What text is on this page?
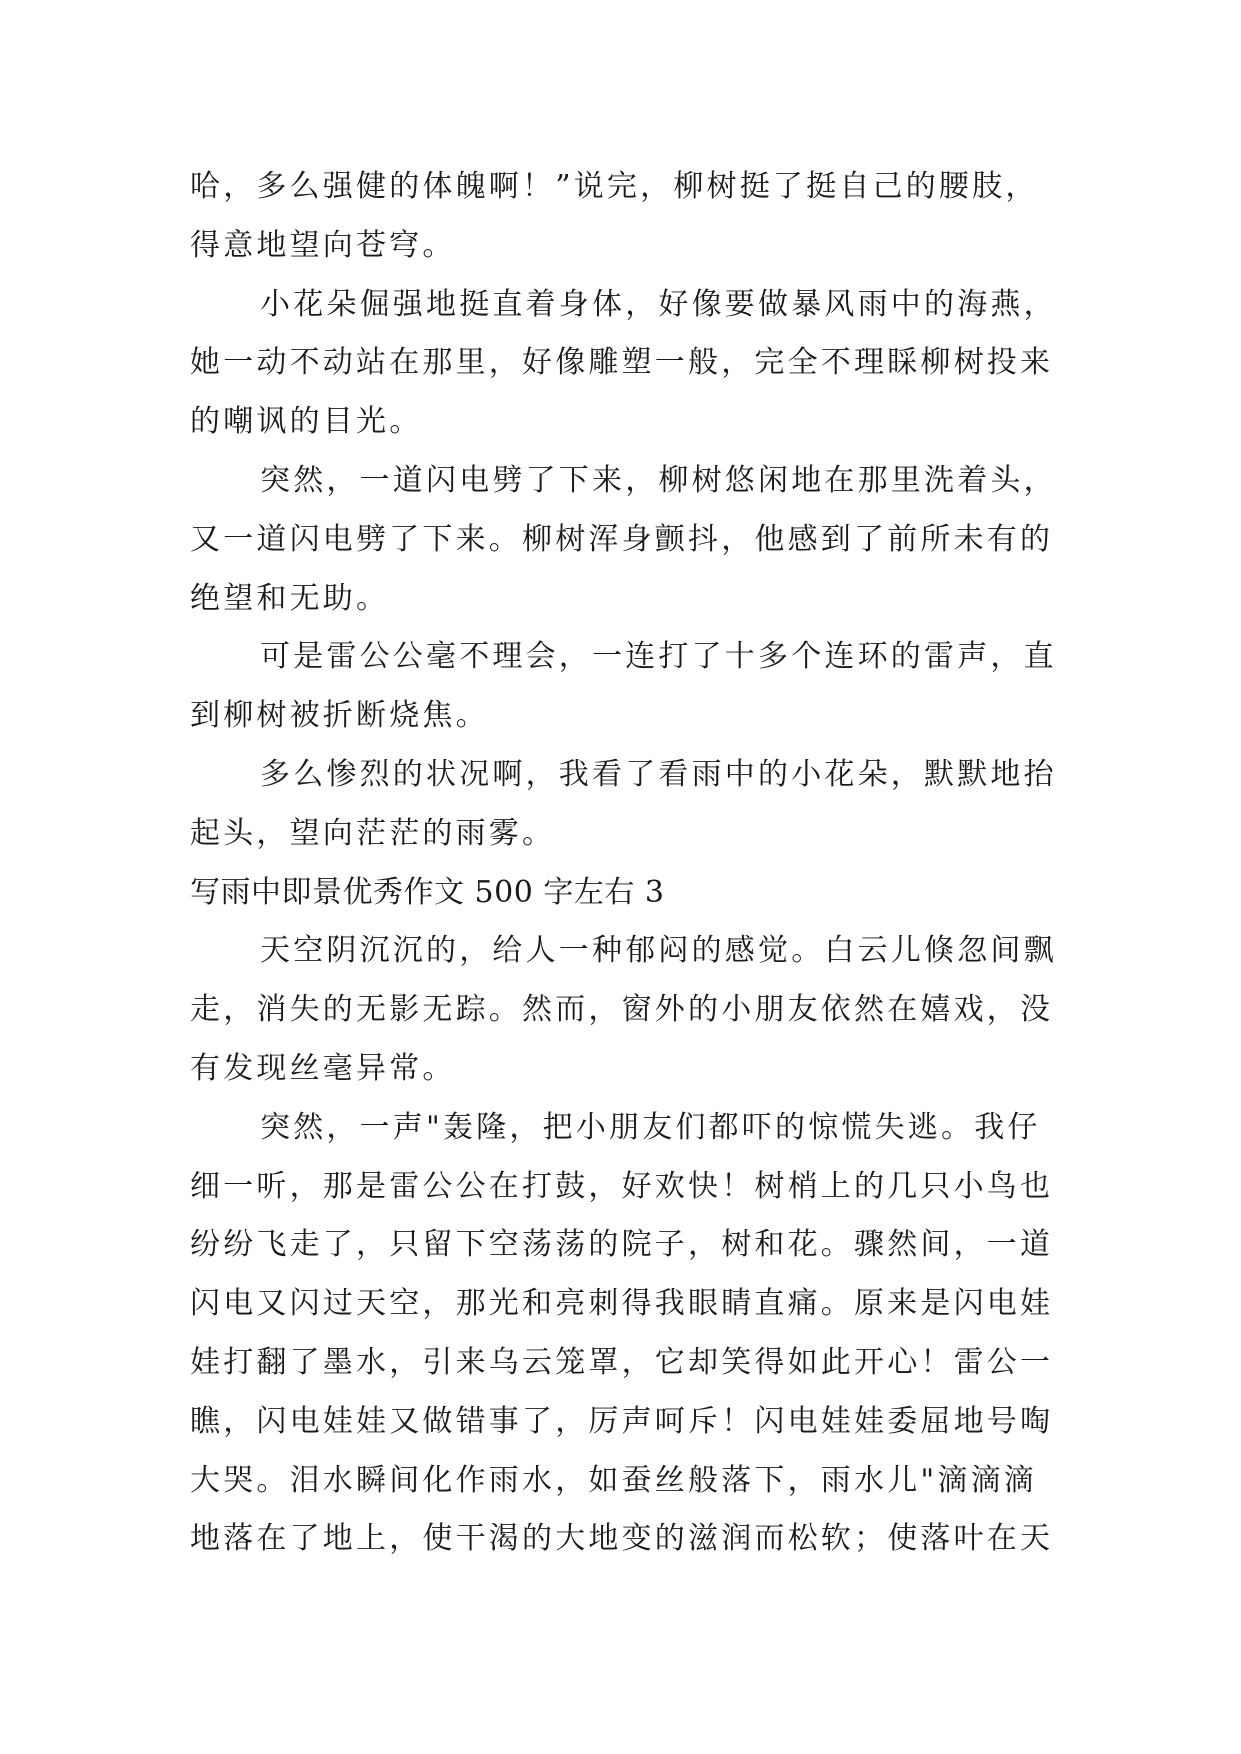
哈，多么强健的体魄啊！”说完，柳树挺了挺自己的腰肢，
得意地望向苍穹。
小花朵倔强地挺直着身体，好像要做暴风雨中的海燕，
她一动不动站在那里，好像雕塑一般，完全不理睬柳树投来
的嘲讽的目光。
突然，一道闪电劈了下来，柳树悠闲地在那里洗着头，
又一道闪电劈了下来。柳树浑身颤抖，他感到了前所未有的
绝望和无助。
可是雷公公毫不理会，一连打了十多个连环的雷声，直
到柳树被折断烧焦。
多么惨烈的状况啊，我看了看雨中的小花朵，默默地抬
起头，望向茫茫的雨雾。
写雨中即景优秀作文 500 字左右 3
天空阴沉沉的，给人一种郁闷的感觉。白云儿倏忽间飘
走，消失的无影无踪。然而，窗外的小朋友依然在嬉戏，没
有发现丝毫异常。
突然，一声"轰隆，把小朋友们都吓的惊慌失逃。我仔
细一听，那是雷公公在打鼓，好欢快！树梢上的几只小鸟也
纷纷飞走了，只留下空荡荡的院子，树和花。骤然间，一道
闪电又闪过天空，那光和亮刺得我眼睛直痛。原来是闪电娃
娃打翻了墨水，引来乌云笼罩，它却笑得如此开心！雷公一
瞧，闪电娃娃又做错事了，厉声呵斥！闪电娃娃委屈地号啕
大哭。泪水瞬间化作雨水，如蚕丝般落下，雨水儿"滴滴滴
地落在了地上，使干渴的大地变的滋润而松软；使落叶在天
